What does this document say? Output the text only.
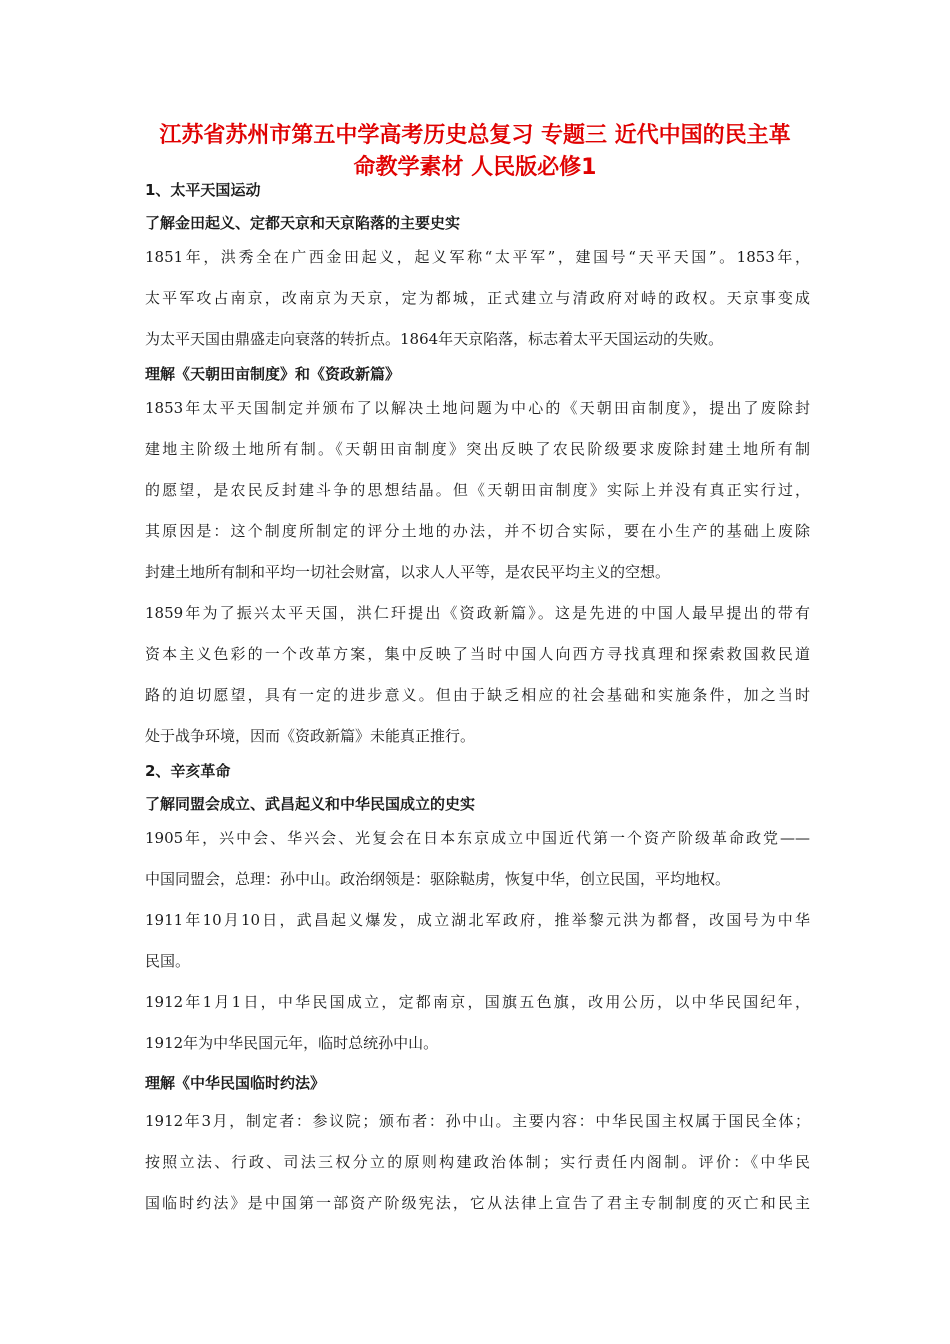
江苏省苏州市第五中学高考历史总复习 专题三 近代中国的民主革
命教学素材 人民版必修1
1、太平天国运动
了解金田起义、定都天京和天京陷落的主要史实
1851年，洪秀全在广西金田起义，起义军称“太平军”，建国号“天平天国”。1853年，
太平军攻占南京，改南京为天京，定为都城，正式建立与清政府对峙的政权。天京事变成
为太平天国由鼎盛走向衰落的转折点。1864年天京陷落，标志着太平天国运动的失败。
理解《天朝田亩制度》和《资政新篇》
1853年太平天国制定并颁布了以解决土地问题为中心的《天朝田亩制度》，提出了废除封
建地主阶级土地所有制。《天朝田亩制度》突出反映了农民阶级要求废除封建土地所有制
的愿望，是农民反封建斗争的思想结晶。但《天朝田亩制度》实际上并没有真正实行过，
其原因是：这个制度所制定的评分土地的办法，并不切合实际，要在小生产的基础上废除
封建土地所有制和平均一切社会财富，以求人人平等，是农民平均主义的空想。
1859年为了振兴太平天国，洪仁玕提出《资政新篇》。这是先进的中国人最早提出的带有
资本主义色彩的一个改革方案，集中反映了当时中国人向西方寻找真理和探索救国救民道
路的迫切愿望，具有一定的进步意义。但由于缺乏相应的社会基础和实施条件，加之当时
处于战争环境，因而《资政新篇》未能真正推行。
2、辛亥革命
了解同盟会成立、武昌起义和中华民国成立的史实
1905年，兴中会、华兴会、光复会在日本东京成立中国近代第一个资产阶级革命政党——
中国同盟会，总理：孙中山。政治纲领是：驱除鞑虏，恢复中华，创立民国，平均地权。
1911年10月10日，武昌起义爆发，成立湖北军政府，推举黎元洪为都督，改国号为中华
民国。
1912年1月1日，中华民国成立，定都南京，国旗五色旗，改用公历，以中华民国纪年，
1912年为中华民国元年，临时总统孙中山。
理解《中华民国临时约法》
1912年3月，制定者：参议院；颁布者：孙中山。主要内容：中华民国主权属于国民全体；
按照立法、行政、司法三权分立的原则构建政治体制；实行责任内阁制。评价：《中华民
国临时约法》是中国第一部资产阶级宪法，它从法律上宣告了君主专制制度的灭亡和民主
